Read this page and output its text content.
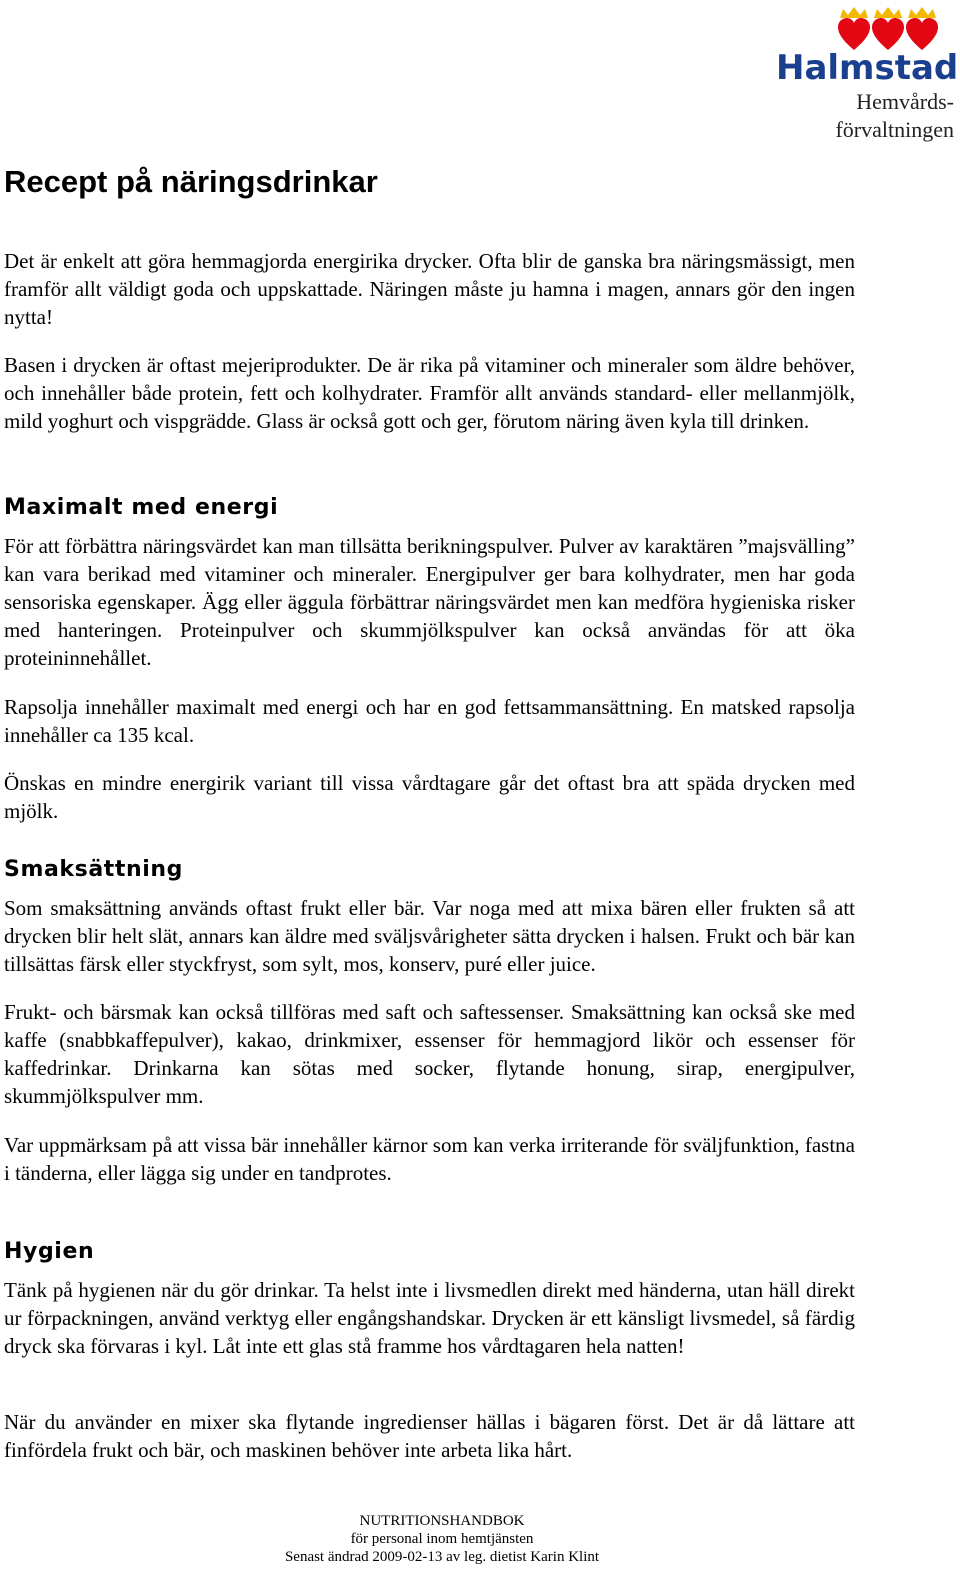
Halmstad
Hemvårds-
förvaltningen
Recept på näringsdrinkar

Det är enkelt att göra hemmagjorda energirika drycker. Ofta blir de ganska bra näringsmässigt, men framför allt väldigt goda och uppskattade. Näringen måste ju hamna i magen, annars gör den ingen nytta!

Basen i drycken är oftast mejeriprodukter. De är rika på vitaminer och mineraler som äldre behöver, och innehåller både protein, fett och kolhydrater. Framför allt används standard- eller mellanmjölk, mild yoghurt och vispgrädde. Glass är också gott och ger, förutom näring även kyla till drinken.

Maximalt med energi

För att förbättra näringsvärdet kan man tillsätta berikningspulver. Pulver av karaktären ”majsvälling” kan vara berikad med vitaminer och mineraler. Energipulver ger bara kolhydrater, men har goda sensoriska egenskaper. Ägg eller äggula förbättrar näringsvärdet men kan medföra hygieniska risker med hanteringen. Proteinpulver och skummjölkspulver kan också användas för att öka proteininnehållet.

Rapsolja innehåller maximalt med energi och har en god fettsammansättning. En matsked rapsolja innehåller ca 135 kcal.

Önskas en mindre energirik variant till vissa vårdtagare går det oftast bra att späda drycken med mjölk.

Smaksättning

Som smaksättning används oftast frukt eller bär. Var noga med att mixa bären eller frukten så att drycken blir helt slät, annars kan äldre med sväljsvårigheter sätta drycken i halsen. Frukt och bär kan tillsättas färsk eller styckfryst, som sylt, mos, konserv, puré eller juice.

Frukt- och bärsmak kan också tillföras med saft och saftessenser. Smaksättning kan också ske med kaffe (snabbkaffepulver), kakao, drinkmixer, essenser för hemmagjord likör och essenser för kaffedrinkar. Drinkarna kan sötas med socker, flytande honung, sirap, energipulver, skummjölkspulver mm.

Var uppmärksam på att vissa bär innehåller kärnor som kan verka irriterande för sväljfunktion, fastna i tänderna, eller lägga sig under en tandprotes.

Hygien

Tänk på hygienen när du gör drinkar. Ta helst inte i livsmedlen direkt med händerna, utan häll direkt ur förpackningen, använd verktyg eller engångshandskar. Drycken är ett känsligt livsmedel, så färdig dryck ska förvaras i kyl. Låt inte ett glas stå framme hos vårdtagaren hela natten!

När du använder en mixer ska flytande ingredienser hällas i bägaren först. Det är då lättare att finfördela frukt och bär, och maskinen behöver inte arbeta lika hårt.

NUTRITIONSHANDBOK
för personal inom hemtjänsten
Senast ändrad 2009-02-13 av leg. dietist Karin Klint
